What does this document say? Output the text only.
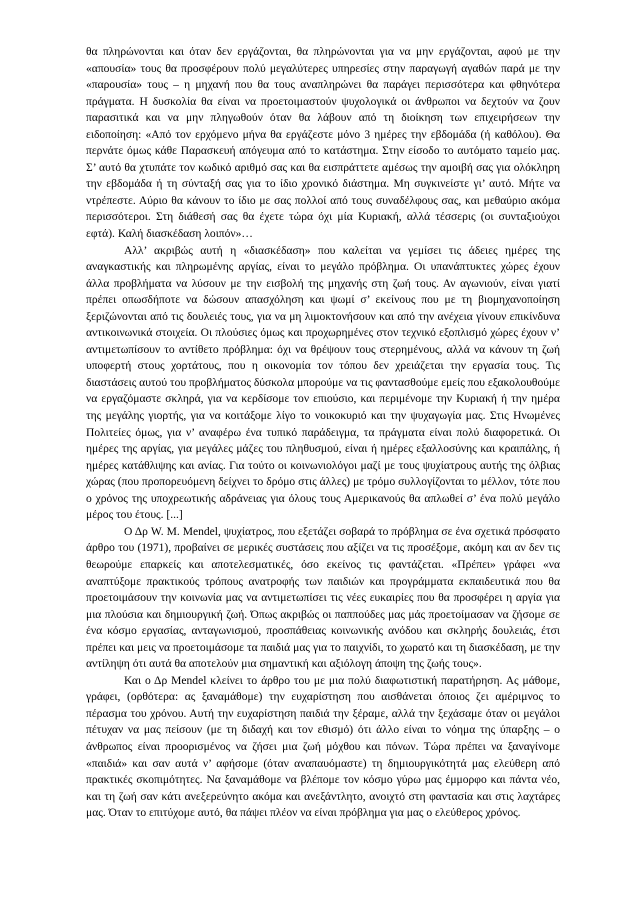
θα πληρώνονται και όταν δεν εργάζονται, θα πληρώνονται για να μην εργάζονται, αφού με την «απουσία» τους θα προσφέρουν πολύ μεγαλύτερες υπηρεσίες στην παραγωγή αγαθών παρά με την «παρουσία» τους – η μηχανή που θα τους αναπληρώνει θα παράγει περισσότερα και φθηνότερα πράγματα. Η δυσκολία θα είναι να προετοιμαστούν ψυχολογικά οι άνθρωποι να δεχτούν να ζουν παρασιτικά και να μην πληγωθούν όταν θα λάβουν από τη διοίκηση των επιχειρήσεων την ειδοποίηση: «Από τον ερχόμενο μήνα θα εργάζεστε μόνο 3 ημέρες την εβδομάδα (ή καθόλου). Θα περνάτε όμως κάθε Παρασκευή απόγευμα από το κατάστημα. Στην είσοδο το αυτόματο ταμείο μας. Σ’ αυτό θα χτυπάτε τον κωδικό αριθμό σας και θα εισπράττετε αμέσως την αμοιβή σας για ολόκληρη την εβδομάδα ή τη σύνταξή σας για το ίδιο χρονικό διάστημα. Μη συγκινείστε γι’ αυτό. Μήτε να ντρέπεστε. Αύριο θα κάνουν το ίδιο με σας πολλοί από τους συναδέλφους σας, και μεθαύριο ακόμα περισσότεροι. Στη διάθεσή σας θα έχετε τώρα όχι μία Κυριακή, αλλά τέσσερις (οι συνταξιούχοι εφτά). Καλή διασκέδαση λοιπόν»…

Αλλ’ ακριβώς αυτή η «διασκέδαση» που καλείται να γεμίσει τις άδειες ημέρες της αναγκαστικής και πληρωμένης αργίας, είναι το μεγάλο πρόβλημα. Οι υπανάπτυκτες χώρες έχουν άλλα προβλήματα να λύσουν με την εισβολή της μηχανής στη ζωή τους. Αν αγωνιούν, είναι γιατί πρέπει οπωσδήποτε να δώσουν απασχόληση και ψωμί σ’ εκείνους που με τη βιομηχανοποίηση ξεριζώνονται από τις δουλειές τους, για να μη λιμοκτονήσουν και από την ανέχεια γίνουν επικίνδυνα αντικοινωνικά στοιχεία. Οι πλούσιες όμως και προχωρημένες στον τεχνικό εξοπλισμό χώρες έχουν ν’ αντιμετωπίσουν το αντίθετο πρόβλημα: όχι να θρέψουν τους στερημένους, αλλά να κάνουν τη ζωή υποφερτή στους χορτάτους, που η οικονομία τον τόπου δεν χρειάζεται την εργασία τους. Τις διαστάσεις αυτού του προβλήματος δύσκολα μπορούμε να τις φαντασθούμε εμείς που εξακολουθούμε να εργαζόμαστε σκληρά, για να κερδίσομε τον επιούσιο, και περιμένομε την Κυριακή ή την ημέρα της μεγάλης γιορτής, για να κοιτάξομε λίγο το νοικοκυριό και την ψυχαγωγία μας. Στις Ηνωμένες Πολιτείες όμως, για ν’ αναφέρω ένα τυπικό παράδειγμα, τα πράγματα είναι πολύ διαφορετικά. Οι ημέρες της αργίας, για μεγάλες μάζες του πληθυσμού, είναι ή ημέρες εξαλλοσύνης και κραιπάλης, ή ημέρες κατάθλιψης και ανίας. Για τούτο οι κοινωνιολόγοι μαζί με τους ψυχίατρους αυτής της όλβιας χώρας (που προπορευόμενη δείχνει το δρόμο στις άλλες) με τρόμο συλλογίζονται το μέλλον, τότε που ο χρόνος της υποχρεωτικής αδράνειας για όλους τους Αμερικανούς θα απλωθεί σ’ ένα πολύ μεγάλο μέρος του έτους. [...]

Ο Δρ W. M. Mendel, ψυχίατρος, που εξετάζει σοβαρά το πρόβλημα σε ένα σχετικά πρόσφατο άρθρο του (1971), προβαίνει σε μερικές συστάσεις που αξίζει να τις προσέξομε, ακόμη και αν δεν τις θεωρούμε επαρκείς και αποτελεσματικές, όσο εκείνος τις φαντάζεται. «Πρέπει» γράφει «να αναπτύξομε πρακτικούς τρόπους ανατροφής των παιδιών και προγράμματα εκπαιδευτικά που θα προετοιμάσουν την κοινωνία μας να αντιμετωπίσει τις νέες ευκαιρίες που θα προσφέρει η αργία για μια πλούσια και δημιουργική ζωή. Όπως ακριβώς οι παππούδες μας μάς προετοίμασαν να ζήσομε σε ένα κόσμο εργασίας, ανταγωνισμού, προσπάθειας κοινωνικής ανόδου και σκληρής δουλειάς, έτσι πρέπει και μεις να προετοιμάσομε τα παιδιά μας για το παιχνίδι, το χωρατό και τη διασκέδαση, με την αντίληψη ότι αυτά θα αποτελούν μια σημαντική και αξιόλογη άποψη της ζωής τους».

Και ο Δρ Mendel κλείνει το άρθρο του με μια πολύ διαφωτιστική παρατήρηση. Ας μάθομε, γράφει, (ορθότερα: ας ξαναμάθομε) την ευχαρίστηση που αισθάνεται όποιος ζει αμέριμνος το πέρασμα του χρόνου. Αυτή την ευχαρίστηση παιδιά την ξέραμε, αλλά την ξεχάσαμε όταν οι μεγάλοι πέτυχαν να μας πείσουν (με τη διδαχή και τον εθισμό) ότι άλλο είναι το νόημα της ύπαρξης – ο άνθρωπος είναι προορισμένος να ζήσει μια ζωή μόχθου και πόνων. Τώρα πρέπει να ξαναγίνομε «παιδιά» και σαν αυτά ν’ αφήσομε (όταν αναπαυόμαστε) τη δημιουργικότητά μας ελεύθερη από πρακτικές σκοπιμότητες. Να ξαναμάθομε να βλέπομε τον κόσμο γύρω μας έμμορφο και πάντα νέο, και τη ζωή σαν κάτι ανεξερεύνητο ακόμα και ανεξάντλητο, ανοιχτό στη φαντασία και στις λαχτάρες μας. Όταν το επιτύχομε αυτό, θα πάψει πλέον να είναι πρόβλημα για μας ο ελεύθερος χρόνος.
